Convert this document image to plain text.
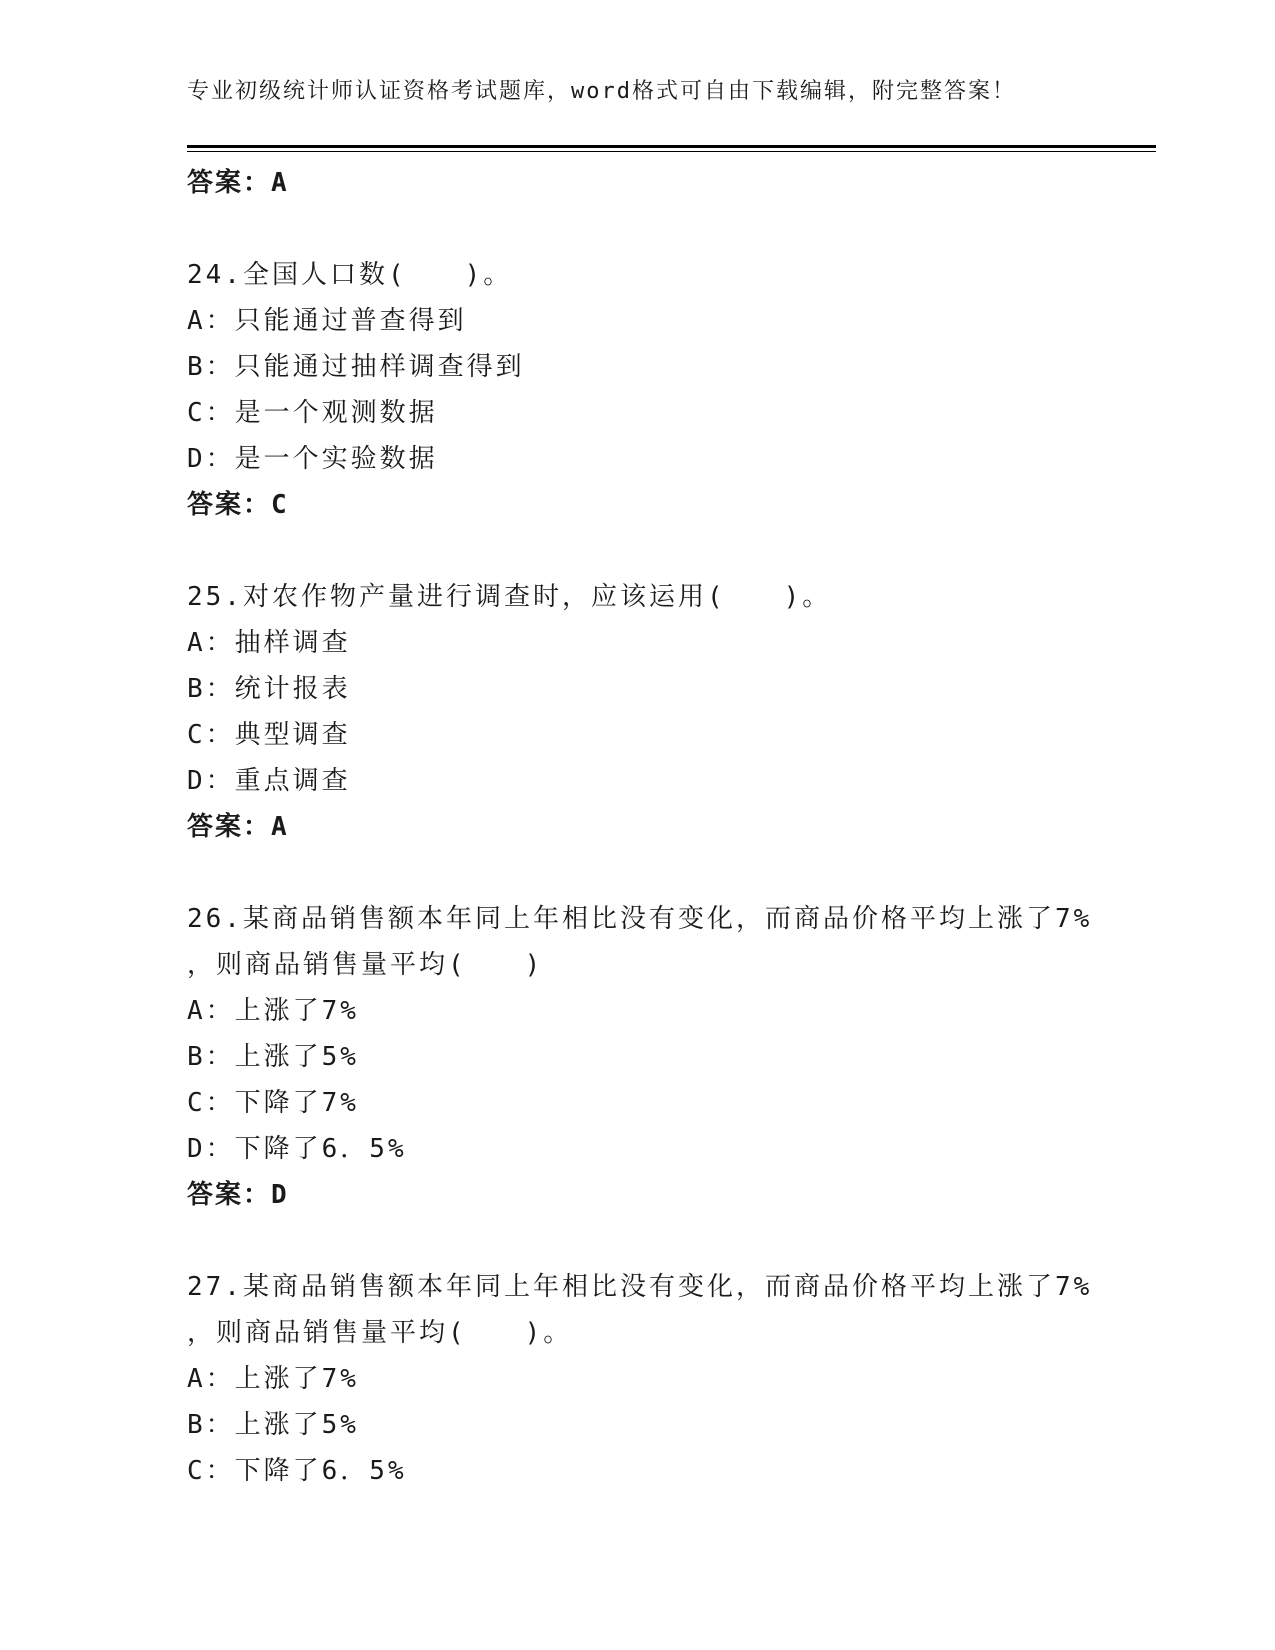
专业初级统计师认证资格考试题库，word格式可自由下载编辑，附完整答案！
答案：A
24.全国人口数(　　)。
A：只能通过普查得到
B：只能通过抽样调查得到
C：是一个观测数据
D：是一个实验数据
答案：C
25.对农作物产量进行调查时，应该运用(　　)。
A：抽样调查
B：统计报表
C：典型调查
D：重点调查
答案：A
26.某商品销售额本年同上年相比没有变化，而商品价格平均上涨了7%
，则商品销售量平均(　　)
A：上涨了7%
B：上涨了5%
C：下降了7%
D：下降了6．5%
答案：D
27.某商品销售额本年同上年相比没有变化，而商品价格平均上涨了7%
，则商品销售量平均(　　)。
A：上涨了7%
B：上涨了5%
C：下降了6．5%
